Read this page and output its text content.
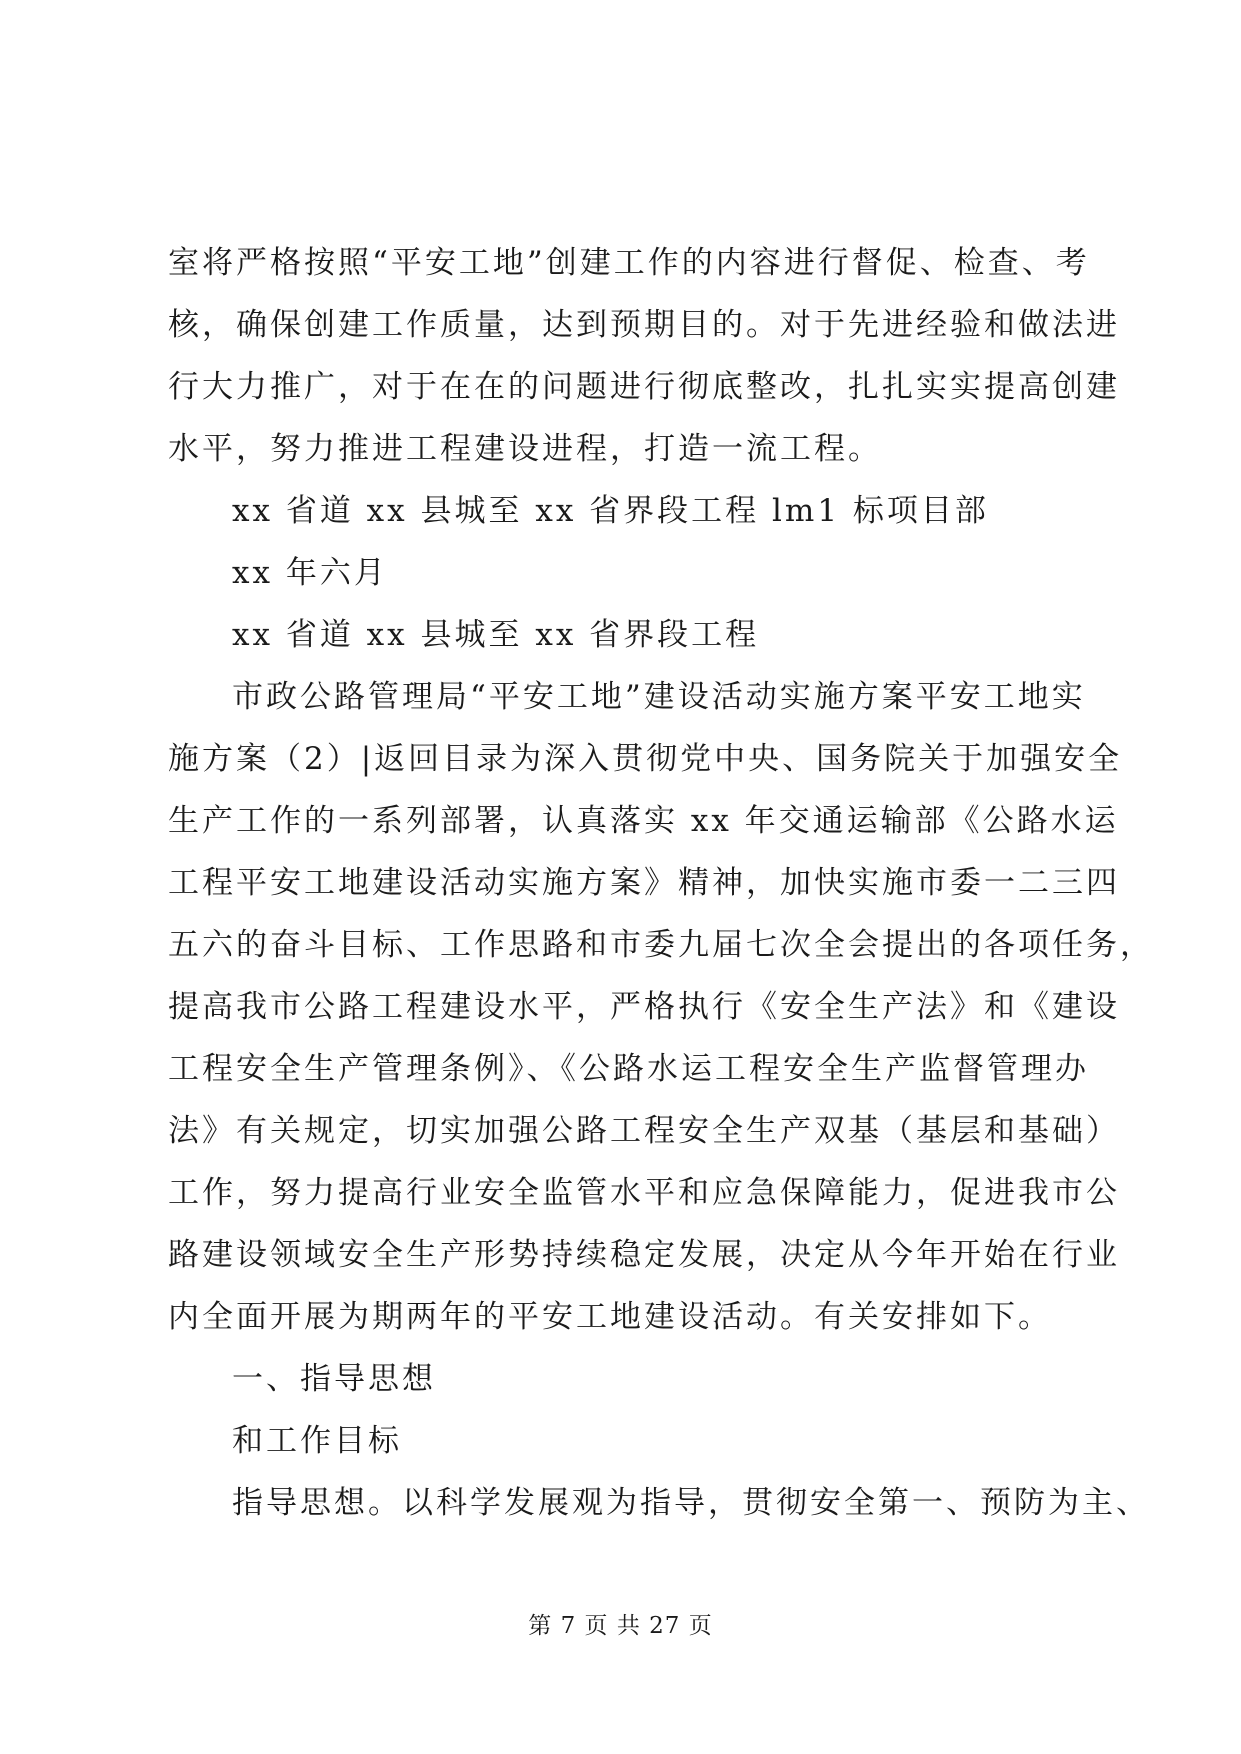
室将严格按照“平安工地”创建工作的内容进行督促、检查、考
核，确保创建工作质量，达到预期目的。对于先进经验和做法进
行大力推广，对于在在的问题进行彻底整改，扎扎实实提高创建
水平，努力推进工程建设进程，打造一流工程。
xx 省道 xx 县城至 xx 省界段工程 lm1 标项目部
xx 年六月
xx 省道 xx 县城至 xx 省界段工程
市政公路管理局“平安工地”建设活动实施方案平安工地实
施方案（2）|返回目录为深入贯彻党中央、国务院关于加强安全
生产工作的一系列部署，认真落实 xx 年交通运输部《公路水运
工程平安工地建设活动实施方案》精神，加快实施市委一二三四
五六的奋斗目标、工作思路和市委九届七次全会提出的各项任务，
提高我市公路工程建设水平，严格执行《安全生产法》和《建设
工程安全生产管理条例》、《公路水运工程安全生产监督管理办
法》有关规定，切实加强公路工程安全生产双基（基层和基础）
工作，努力提高行业安全监管水平和应急保障能力，促进我市公
路建设领域安全生产形势持续稳定发展，决定从今年开始在行业
内全面开展为期两年的平安工地建设活动。有关安排如下。
一、指导思想
和工作目标
指导思想。以科学发展观为指导，贯彻安全第一、预防为主、
第 7 页 共 27 页
